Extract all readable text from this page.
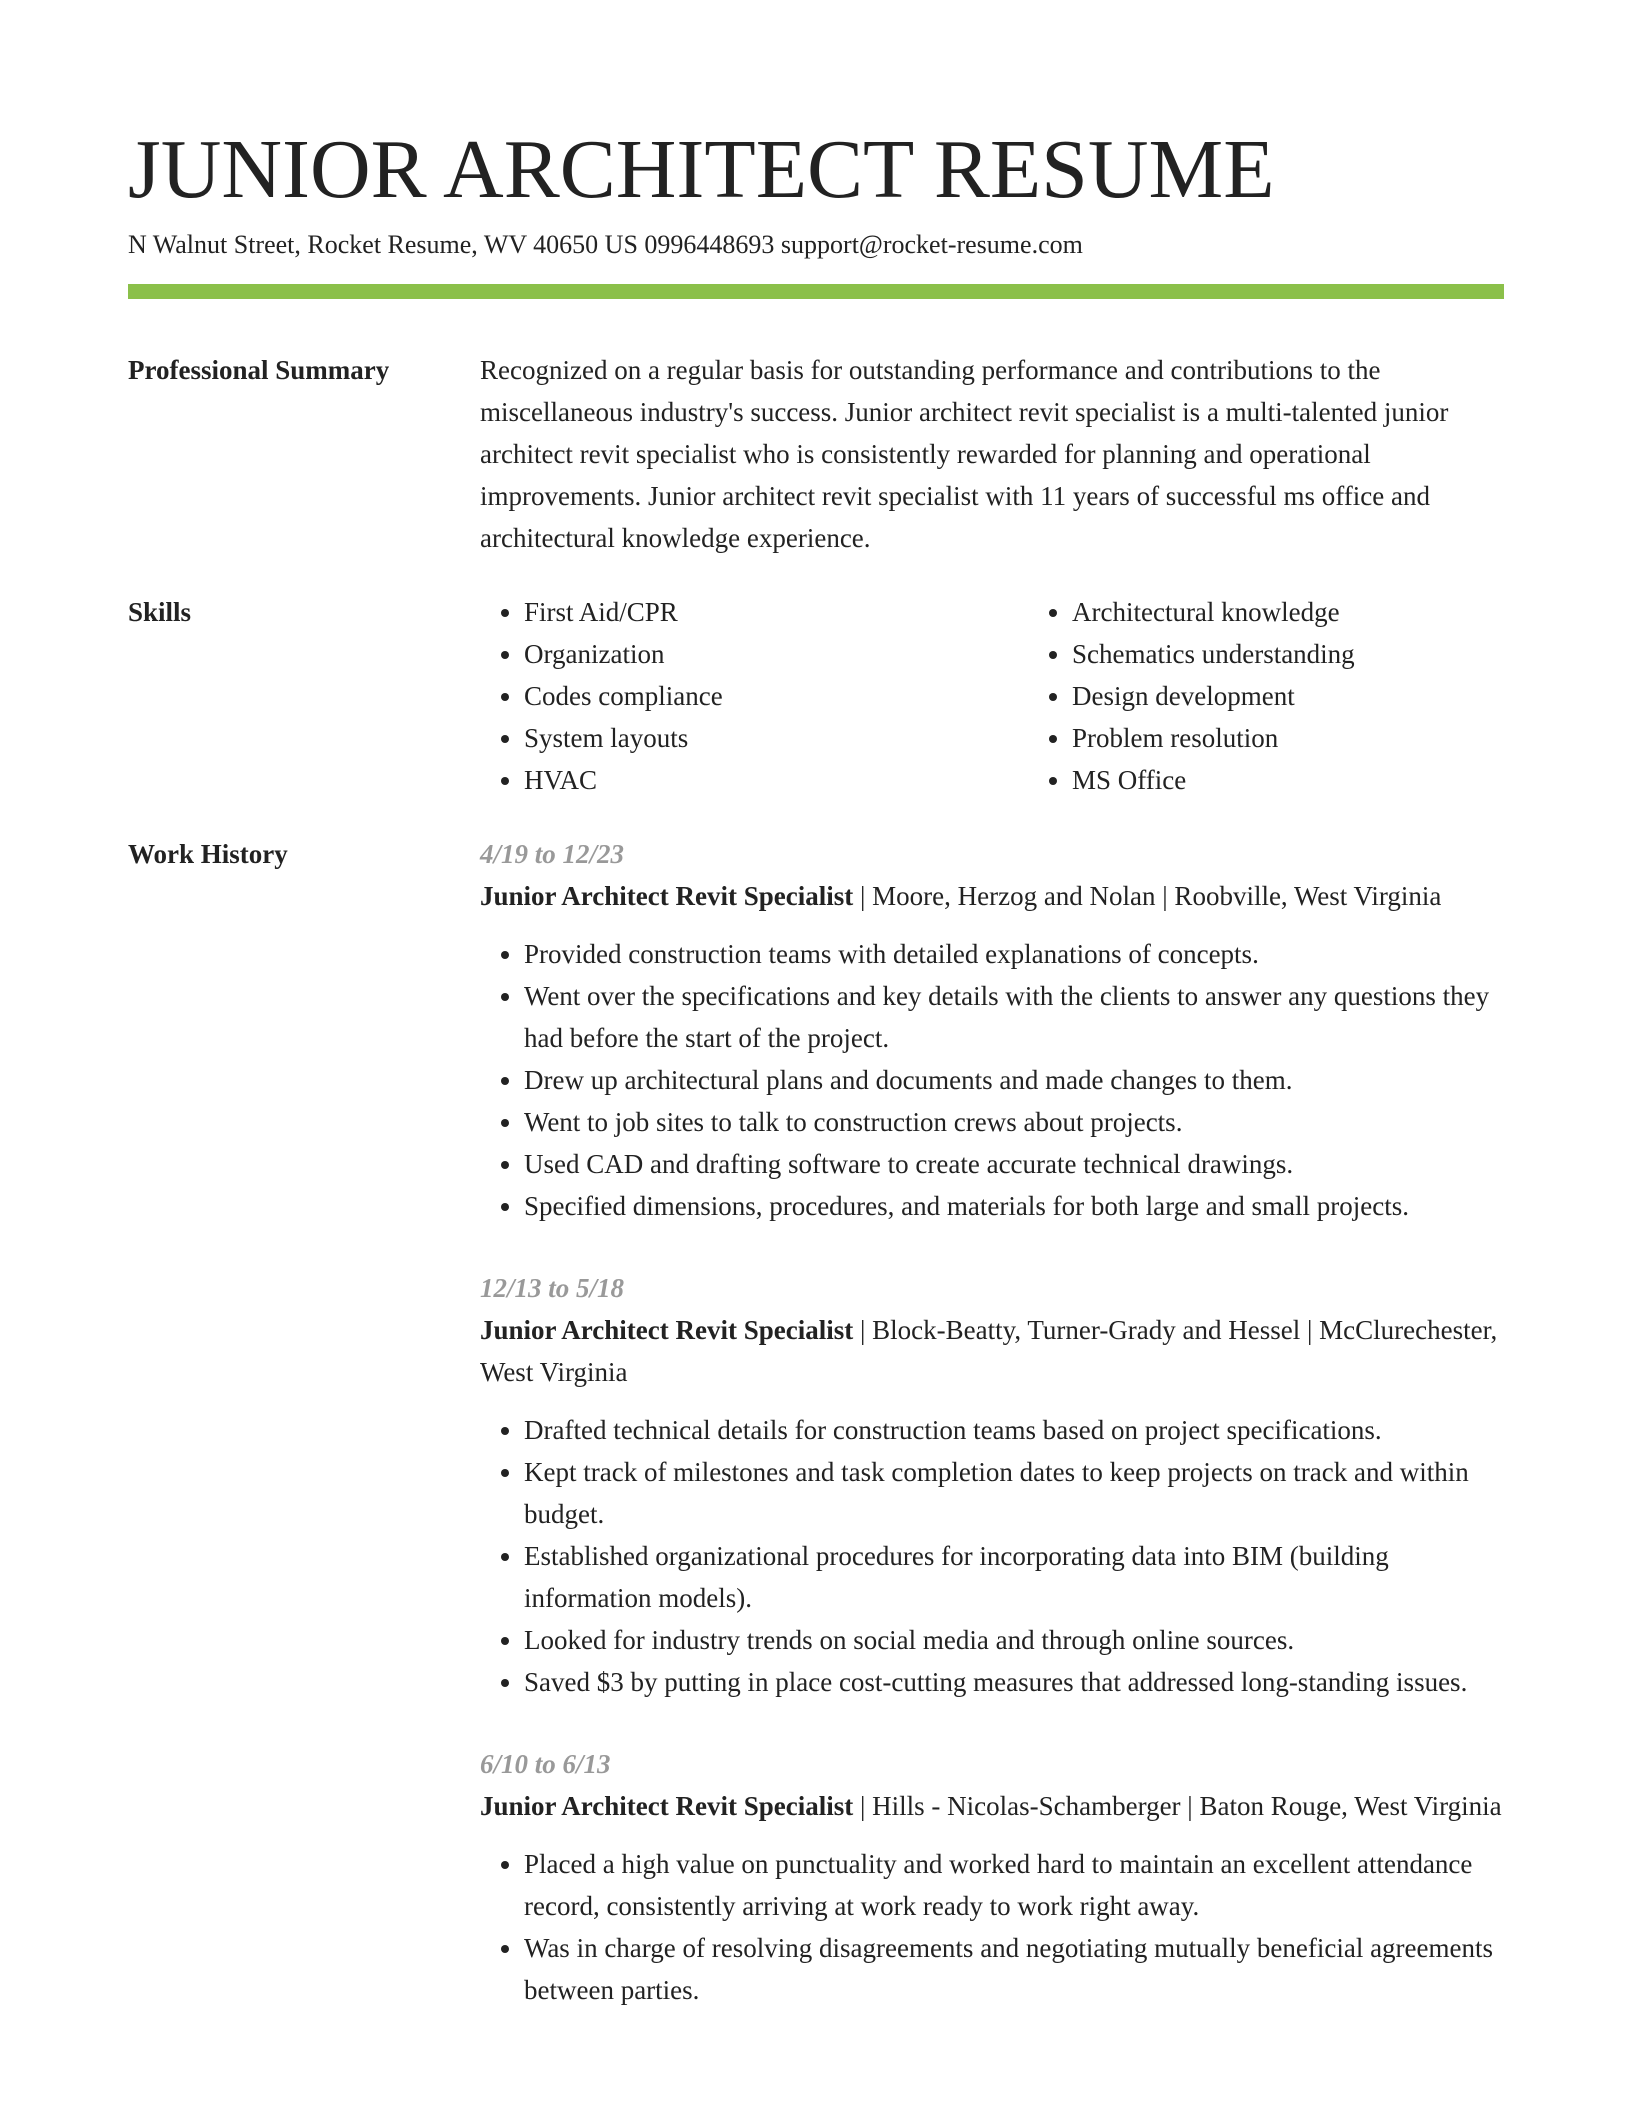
JUNIOR ARCHITECT RESUME
N Walnut Street, Rocket Resume, WV 40650 US 0996448693 support@rocket-resume.com
Professional Summary	Recognized on a regular basis for outstanding performance and contributions to the miscellaneous industry's success. Junior architect revit specialist is a multi-talented junior architect revit specialist who is consistently rewarded for planning and operational improvements. Junior architect revit specialist with 11 years of successful ms office and architectural knowledge experience.
Skills
•	First Aid/CPR
• Organization
• Codes compliance
• System layouts
• HVAC
• Architectural knowledge
• Schematics understanding
• Design development
• Problem resolution
• MS Office
Work History	4/19 to 12/23
Junior Architect Revit Specialist | Moore, Herzog and Nolan | Roobville, West Virginia
• Provided construction teams with detailed explanations of concepts.
• Went over the specifications and key details with the clients to answer any questions they had before the start of the project.
• Drew up architectural plans and documents and made changes to them.
• Went to job sites to talk to construction crews about projects.
• Used CAD and drafting software to create accurate technical drawings.
• Specified dimensions, procedures, and materials for both large and small projects.
12/13 to 5/18
Junior Architect Revit Specialist | Block-Beatty, Turner-Grady and Hessel | McClurechester, West Virginia
• Drafted technical details for construction teams based on project specifications.
• Kept track of milestones and task completion dates to keep projects on track and within budget.
• Established organizational procedures for incorporating data into BIM (building information models).
• Looked for industry trends on social media and through online sources.
• Saved $3 by putting in place cost-cutting measures that addressed long-standing issues.
6/10 to 6/13
Junior Architect Revit Specialist | Hills - Nicolas-Schamberger | Baton Rouge, West Virginia
• Placed a high value on punctuality and worked hard to maintain an excellent attendance record, consistently arriving at work ready to work right away.
• Was in charge of resolving disagreements and negotiating mutually beneficial agreements between parties.
